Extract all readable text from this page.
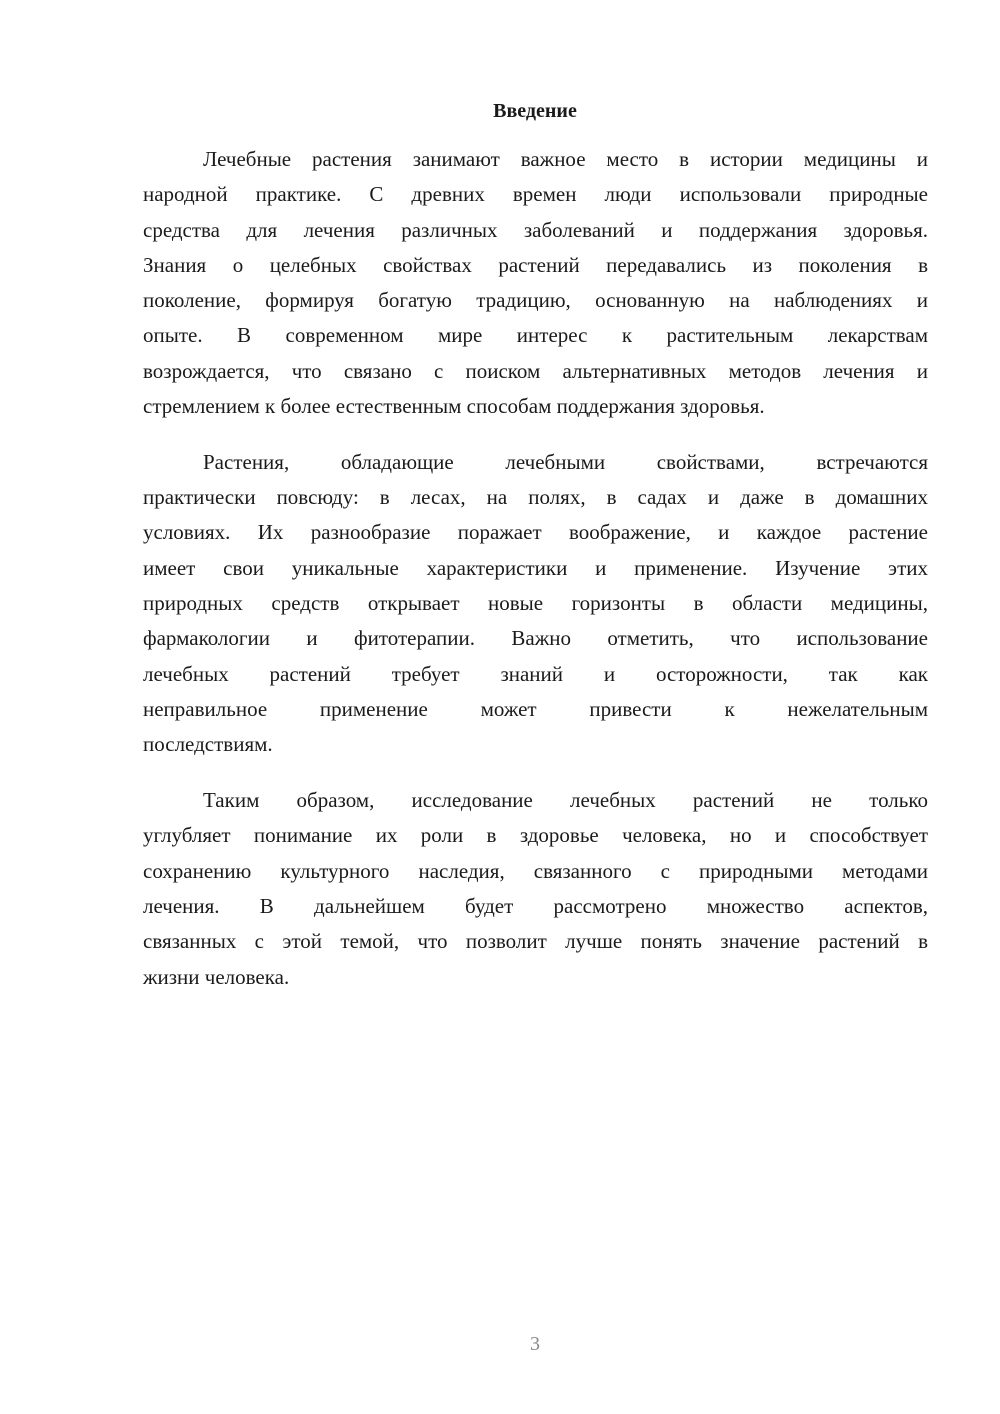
Введение
Лечебные растения занимают важное место в истории медицины и
народной практике. С древних времен люди использовали природные
средства для лечения различных заболеваний и поддержания здоровья.
Знания о целебных свойствах растений передавались из поколения в
поколение, формируя богатую традицию, основанную на наблюдениях и
опыте. В современном мире интерес к растительным лекарствам
возрождается, что связано с поиском альтернативных методов лечения и
стремлением к более естественным способам поддержания здоровья.
Растения, обладающие лечебными свойствами, встречаются
практически повсюду: в лесах, на полях, в садах и даже в домашних
условиях. Их разнообразие поражает воображение, и каждое растение
имеет свои уникальные характеристики и применение. Изучение этих
природных средств открывает новые горизонты в области медицины,
фармакологии и фитотерапии. Важно отметить, что использование
лечебных растений требует знаний и осторожности, так как
неправильное применение может привести к нежелательным
последствиям.
Таким образом, исследование лечебных растений не только
углубляет понимание их роли в здоровье человека, но и способствует
сохранению культурного наследия, связанного с природными методами
лечения. В дальнейшем будет рассмотрено множество аспектов,
связанных с этой темой, что позволит лучше понять значение растений в
жизни человека.
3
